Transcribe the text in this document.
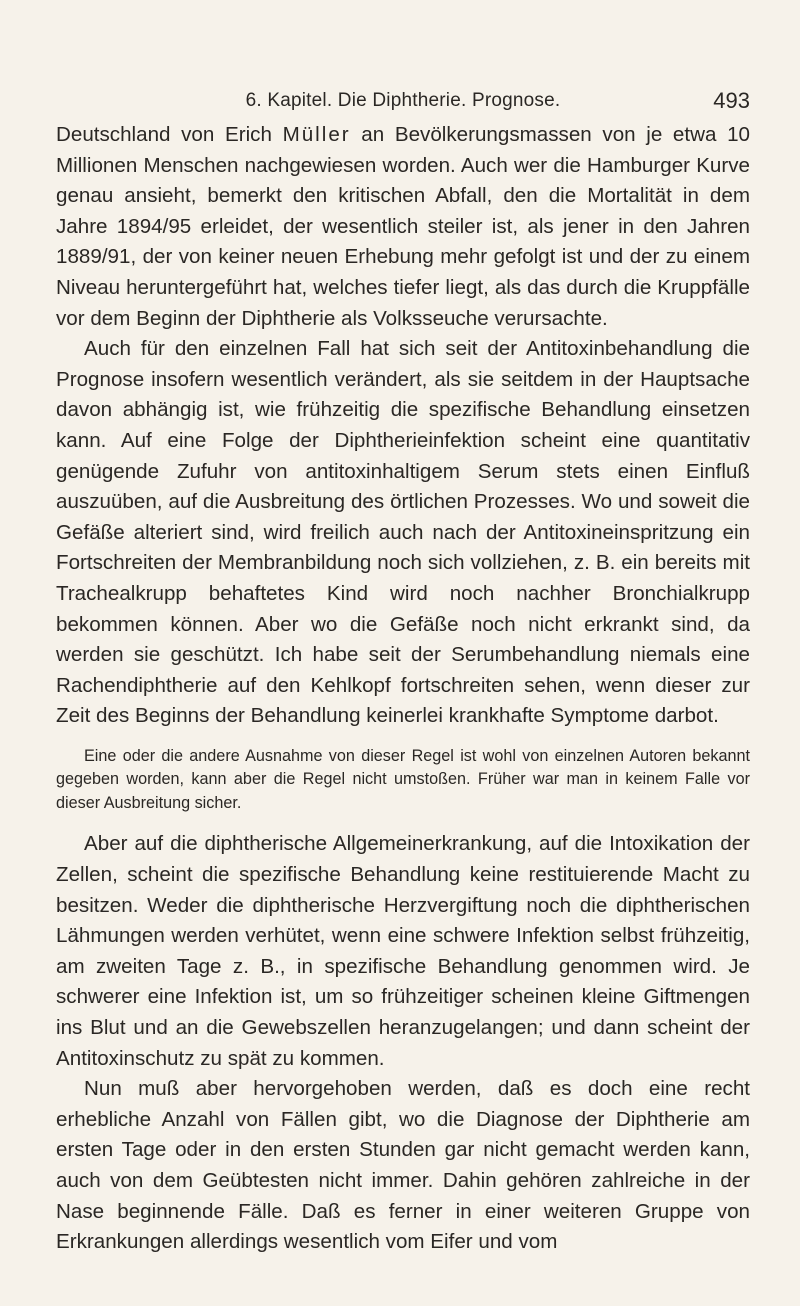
6. Kapitel. Die Diphtherie. Prognose.	493

Deutschland von Erich Müller an Bevölkerungsmassen von je etwa 10 Millionen Menschen nachgewiesen worden. Auch wer die Hamburger Kurve genau ansieht, bemerkt den kritischen Abfall, den die Mortalität in dem Jahre 1894/95 erleidet, der wesentlich steiler ist, als jener in den Jahren 1889/91, der von keiner neuen Erhebung mehr gefolgt ist und der zu einem Niveau heruntergeführt hat, welches tiefer liegt, als das durch die Kruppfälle vor dem Beginn der Diphtherie als Volksseuche verursachte.

Auch für den einzelnen Fall hat sich seit der Antitoxinbehandlung die Prognose insofern wesentlich verändert, als sie seitdem in der Hauptsache davon abhängig ist, wie frühzeitig die spezifische Behandlung einsetzen kann. Auf eine Folge der Diphtherieinfektion scheint eine quantitativ genügende Zufuhr von antitoxinhaltigem Serum stets einen Einfluß auszuüben, auf die Ausbreitung des örtlichen Prozesses. Wo und soweit die Gefäße alteriert sind, wird freilich auch nach der Antitoxineinspritzung ein Fortschreiten der Membranbildung noch sich vollziehen, z. B. ein bereits mit Trachealkrupp behaftetes Kind wird noch nachher Bronchialkrupp bekommen können. Aber wo die Gefäße noch nicht erkrankt sind, da werden sie geschützt. Ich habe seit der Serumbehandlung niemals eine Rachendiphtherie auf den Kehlkopf fortschreiten sehen, wenn dieser zur Zeit des Beginns der Behandlung keinerlei krankhafte Symptome darbot.

Eine oder die andere Ausnahme von dieser Regel ist wohl von einzelnen Autoren bekannt gegeben worden, kann aber die Regel nicht umstoßen. Früher war man in keinem Falle vor dieser Ausbreitung sicher.

Aber auf die diphtherische Allgemeinerkrankung, auf die Intoxikation der Zellen, scheint die spezifische Behandlung keine restituierende Macht zu besitzen. Weder die diphtherische Herzvergiftung noch die diphtherischen Lähmungen werden verhütet, wenn eine schwere Infektion selbst frühzeitig, am zweiten Tage z. B., in spezifische Behandlung genommen wird. Je schwerer eine Infektion ist, um so frühzeitiger scheinen kleine Giftmengen ins Blut und an die Gewebszellen heranzugelangen; und dann scheint der Antitoxinschutz zu spät zu kommen.

Nun muß aber hervorgehoben werden, daß es doch eine recht erhebliche Anzahl von Fällen gibt, wo die Diagnose der Diphtherie am ersten Tage oder in den ersten Stunden gar nicht gemacht werden kann, auch von dem Geübtesten nicht immer. Dahin gehören zahlreiche in der Nase beginnende Fälle. Daß es ferner in einer weiteren Gruppe von Erkrankungen allerdings wesentlich vom Eifer und vom
